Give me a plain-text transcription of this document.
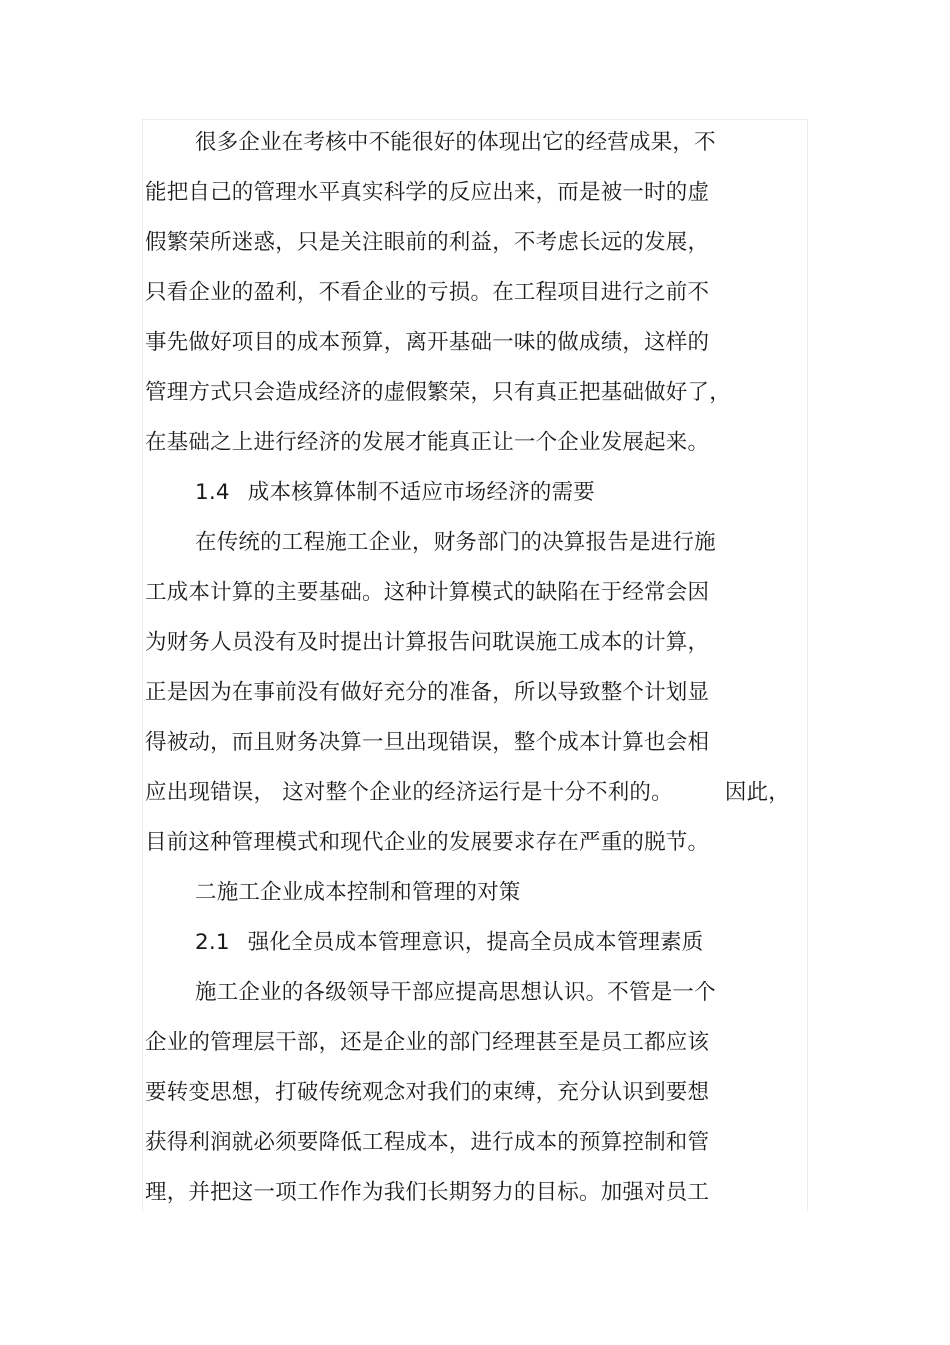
很多企业在考核中不能很好的体现出它的经营成果，不
能把自己的管理水平真实科学的反应出来，而是被一时的虚
假繁荣所迷惑，只是关注眼前的利益，不考虑长远的发展，
只看企业的盈利，不看企业的亏损。在工程项目进行之前不
事先做好项目的成本预算，离开基础一味的做成绩，这样的
管理方式只会造成经济的虚假繁荣，只有真正把基础做好了，
在基础之上进行经济的发展才能真正让一个企业发展起来。
1.4 成本核算体制不适应市场经济的需要
在传统的工程施工企业，财务部门的决算报告是进行施
工成本计算的主要基础。这种计算模式的缺陷在于经常会因
为财务人员没有及时提出计算报告问耽误施工成本的计算，
正是因为在事前没有做好充分的准备，所以导致整个计划显
得被动，而且财务决算一旦出现错误，整个成本计算也会相
应出现错误， 这对整个企业的经济运行是十分不利的。 因此，
目前这种管理模式和现代企业的发展要求存在严重的脱节。
二施工企业成本控制和管理的对策
2.1 强化全员成本管理意识，提高全员成本管理素质
施工企业的各级领导干部应提高思想认识。不管是一个
企业的管理层干部，还是企业的部门经理甚至是员工都应该
要转变思想，打破传统观念对我们的束缚，充分认识到要想
获得利润就必须要降低工程成本，进行成本的预算控制和管
理，并把这一项工作作为我们长期努力的目标。加强对员工
